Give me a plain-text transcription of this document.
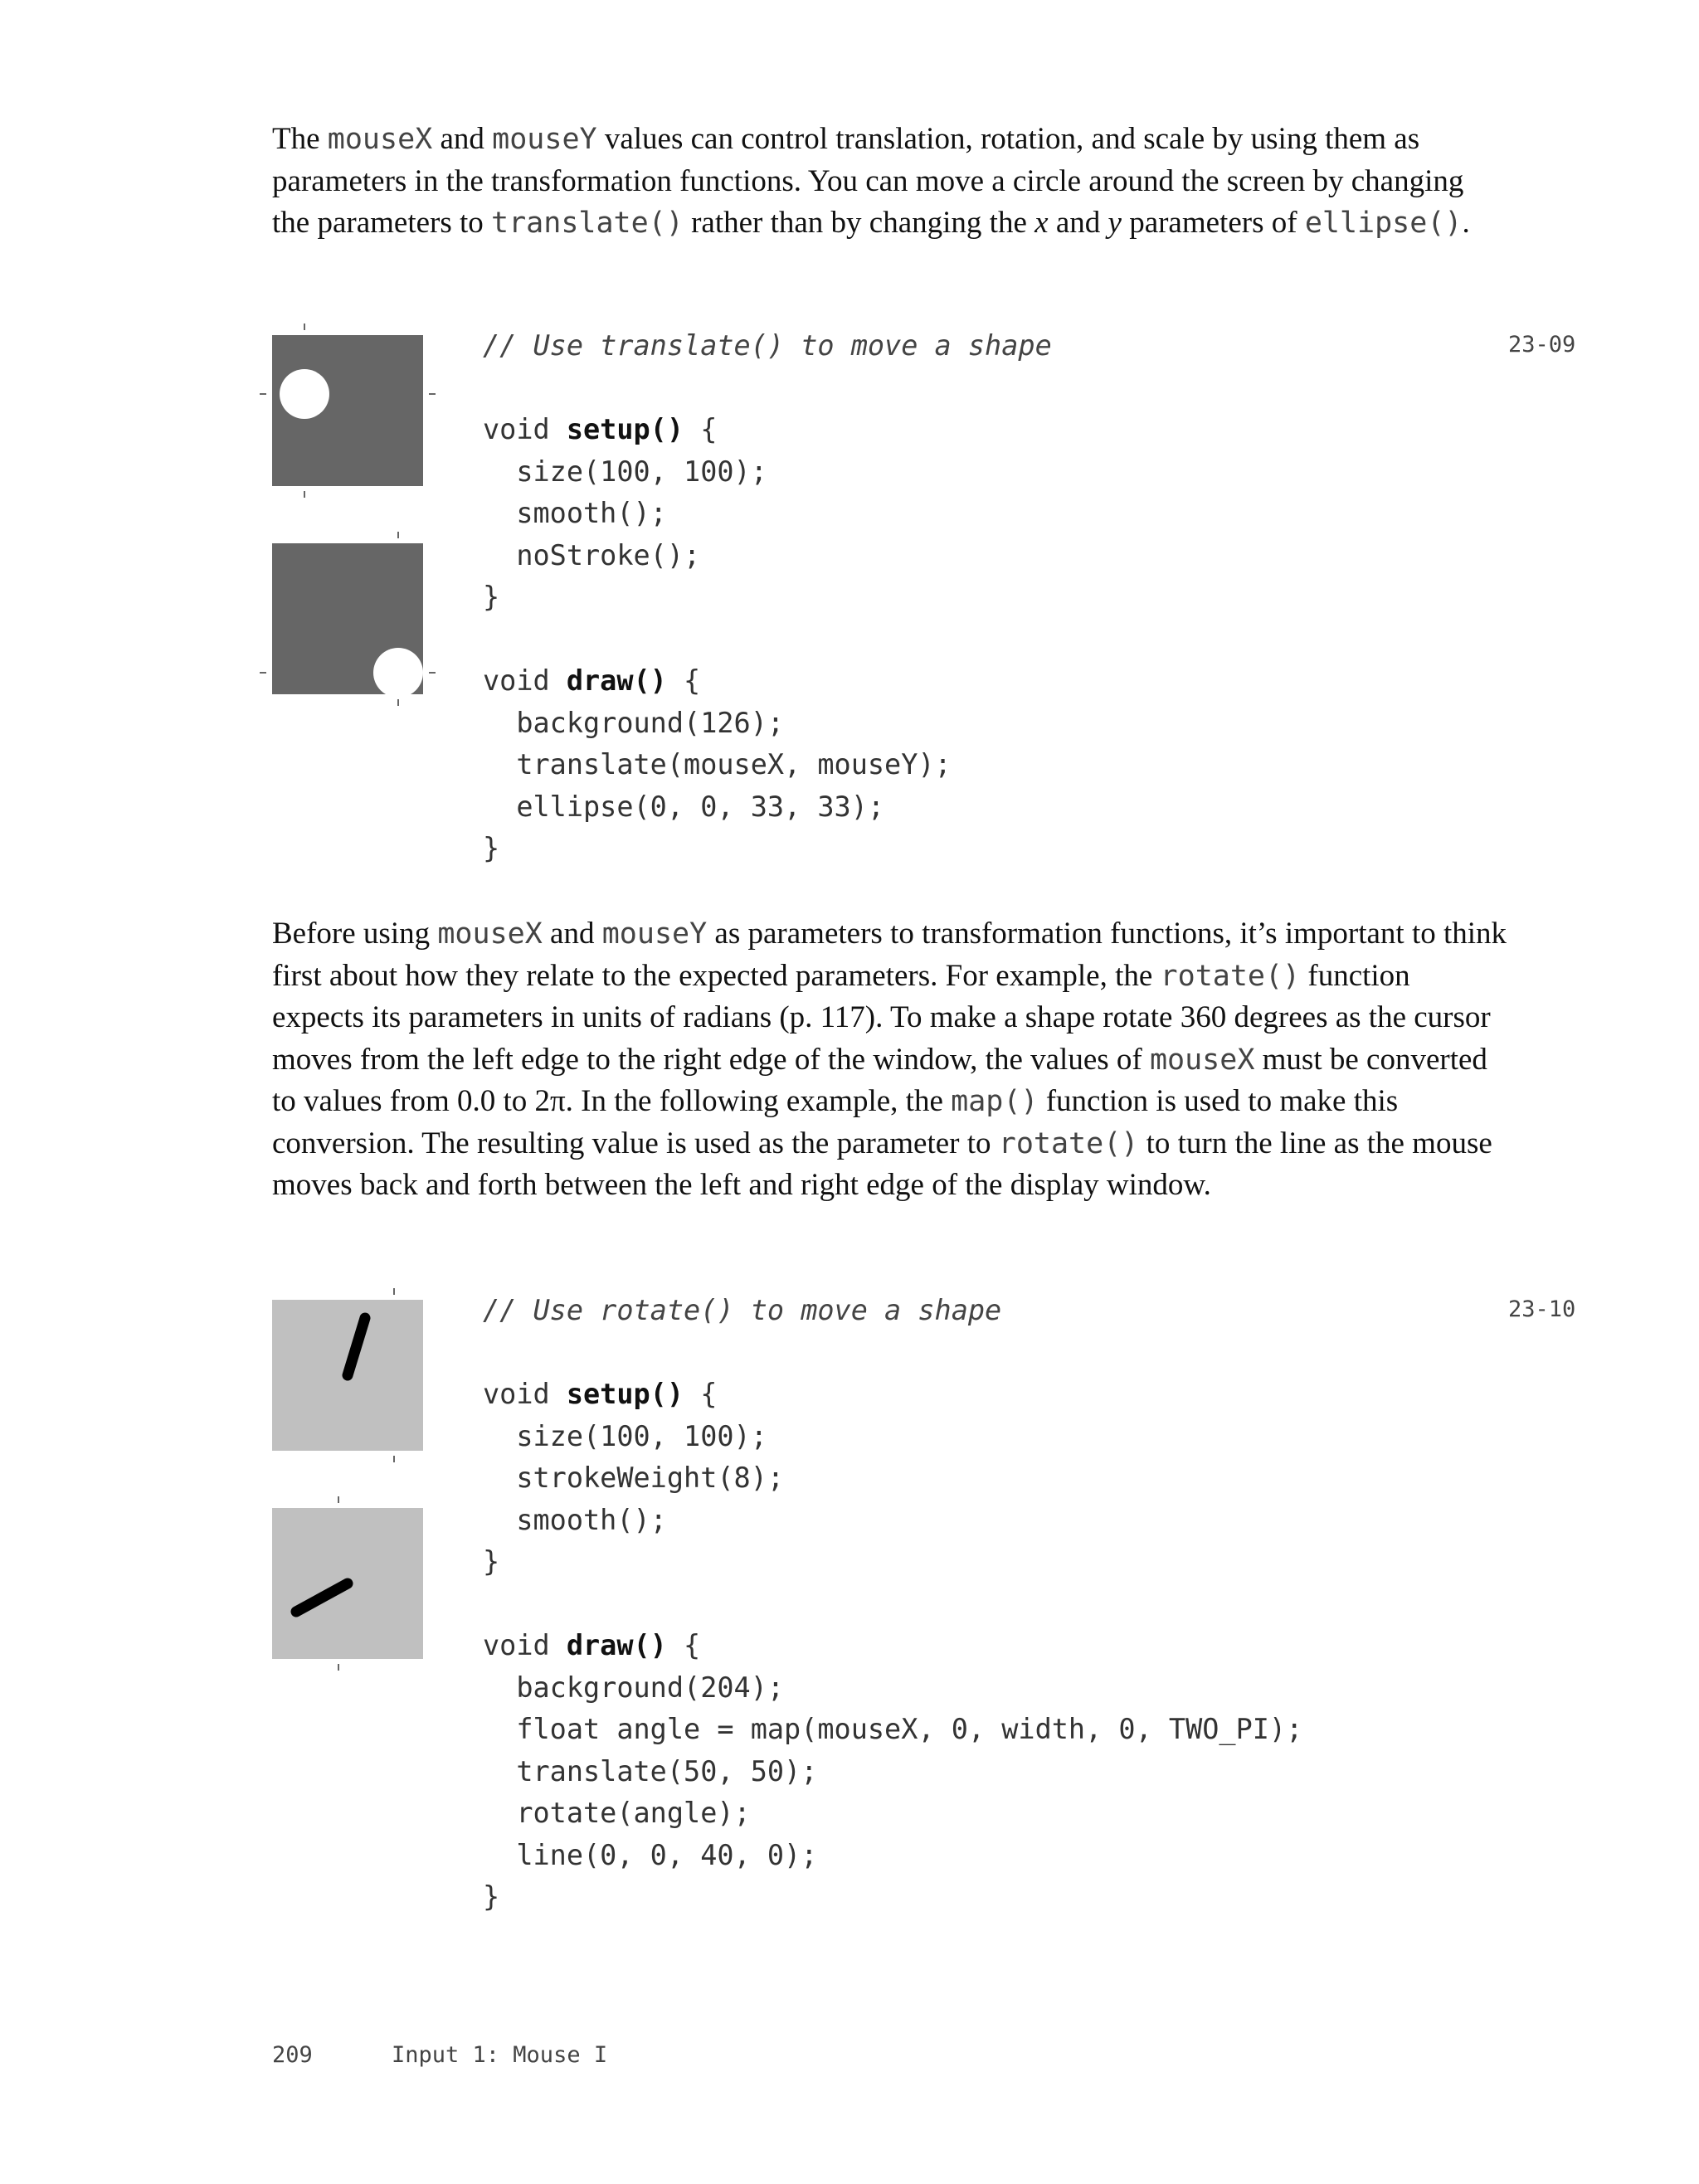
The mouseX and mouseY values can control translation, rotation, and scale by using them as parameters in the transformation functions. You can move a circle around the screen by changing the parameters to translate() rather than by changing the x and y parameters of ellipse().

// Use translate() to move a shape

void setup() {
size(100, 100);
smooth();
noStroke();
}

void draw() {
background(126);
translate(mouseX, mouseY);
ellipse(0, 0, 33, 33);
}
23-09

Before using mouseX and mouseY as parameters to transformation functions, it’s important to think first about how they relate to the expected parameters. For example, the rotate() function expects its parameters in units of radians (p. 117). To make a shape rotate 360 degrees as the cursor moves from the left edge to the right edge of the window, the values of mouseX must be converted to values from 0.0 to 2π. In the following example, the map() function is used to make this conversion. The resulting value is used as the parameter to rotate() to turn the line as the mouse moves back and forth between the left and right edge of the display window.

// Use rotate() to move a shape

void setup() {
size(100, 100);
strokeWeight(8);
smooth();
}

void draw() {
background(204);
float angle = map(mouseX, 0, width, 0, TWO_PI);
translate(50, 50);
rotate(angle);
line(0, 0, 40, 0);
}
23-10
209	Input 1: Mouse I
